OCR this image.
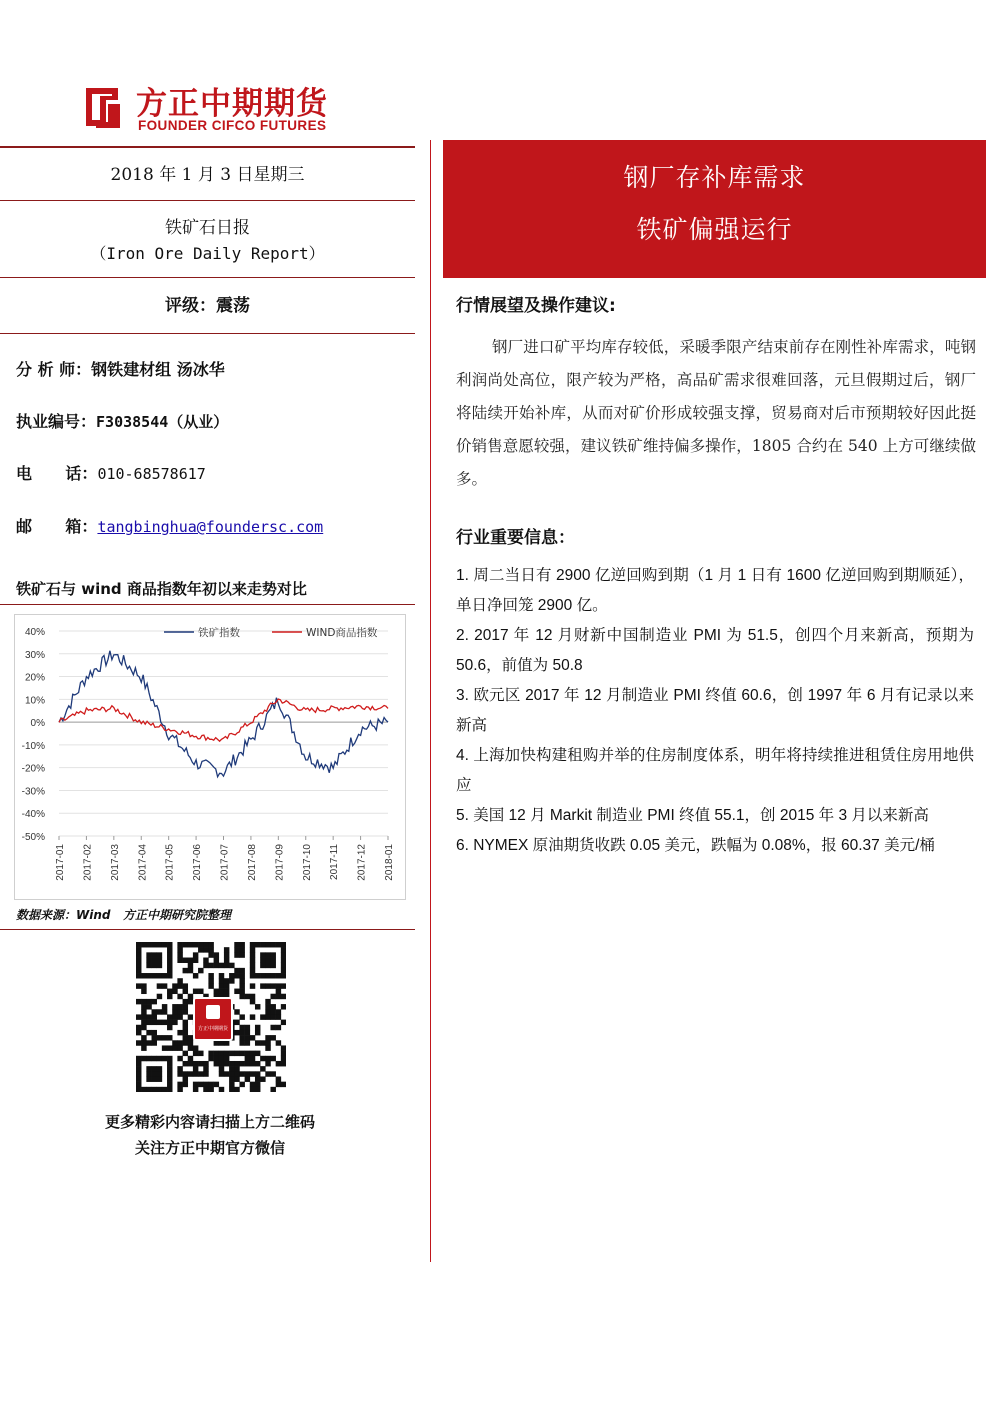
方正中期期货
FOUNDER CIFCO FUTURES
2018 年 1 月 3 日星期三
铁矿石日报
（Iron Ore Daily Report）
评级：震荡
分 析 师：钢铁建材组 汤冰华
执业编号：F3038544（从业）
电      话：010-68578617
邮      箱：tangbinghua@foundersc.com
铁矿石与 wind 商品指数年初以来走势对比
40%
30%
20%
10%
0%
-10%
-20%
-30%
-40%
-50%
2017-01 2017-02 2017-03 2017-04 2017-05 2017-06 2017-07 2017-08 2017-09 2017-10 2017-11 2017-12 2018-01
铁矿指数	WIND商品指数
数据来源：Wind   方正中期研究院整理
方正中期期货
更多精彩内容请扫描上方二维码
关注方正中期官方微信
钢厂存补库需求
铁矿偏强运行
行情展望及操作建议:
钢厂进口矿平均库存较低，采暖季限产结束前存在刚性补库需求，吨钢利润尚处高位，限产较为严格，高品矿需求很难回落，元旦假期过后，钢厂将陆续开始补库，从而对矿价形成较强支撑，贸易商对后市预期较好因此挺价销售意愿较强，建议铁矿维持偏多操作，1805 合约在 540 上方可继续做多。
行业重要信息：
1. 周二当日有 2900 亿逆回购到期（1 月 1 日有 1600 亿逆回购到期顺延），单日净回笼 2900 亿。
2. 2017 年 12 月财新中国制造业 PMI 为 51.5，创四个月来新高，预期为 50.6，前值为 50.8
3. 欧元区 2017 年 12 月制造业 PMI 终值 60.6，创 1997 年 6 月有记录以来新高
4. 上海加快构建租购并举的住房制度体系，明年将持续推进租赁住房用地供应
5. 美国 12 月 Markit 制造业 PMI 终值 55.1，创 2015 年 3 月以来新高
6. NYMEX 原油期货收跌 0.05 美元，跌幅为 0.08%，报 60.37 美元/桶
